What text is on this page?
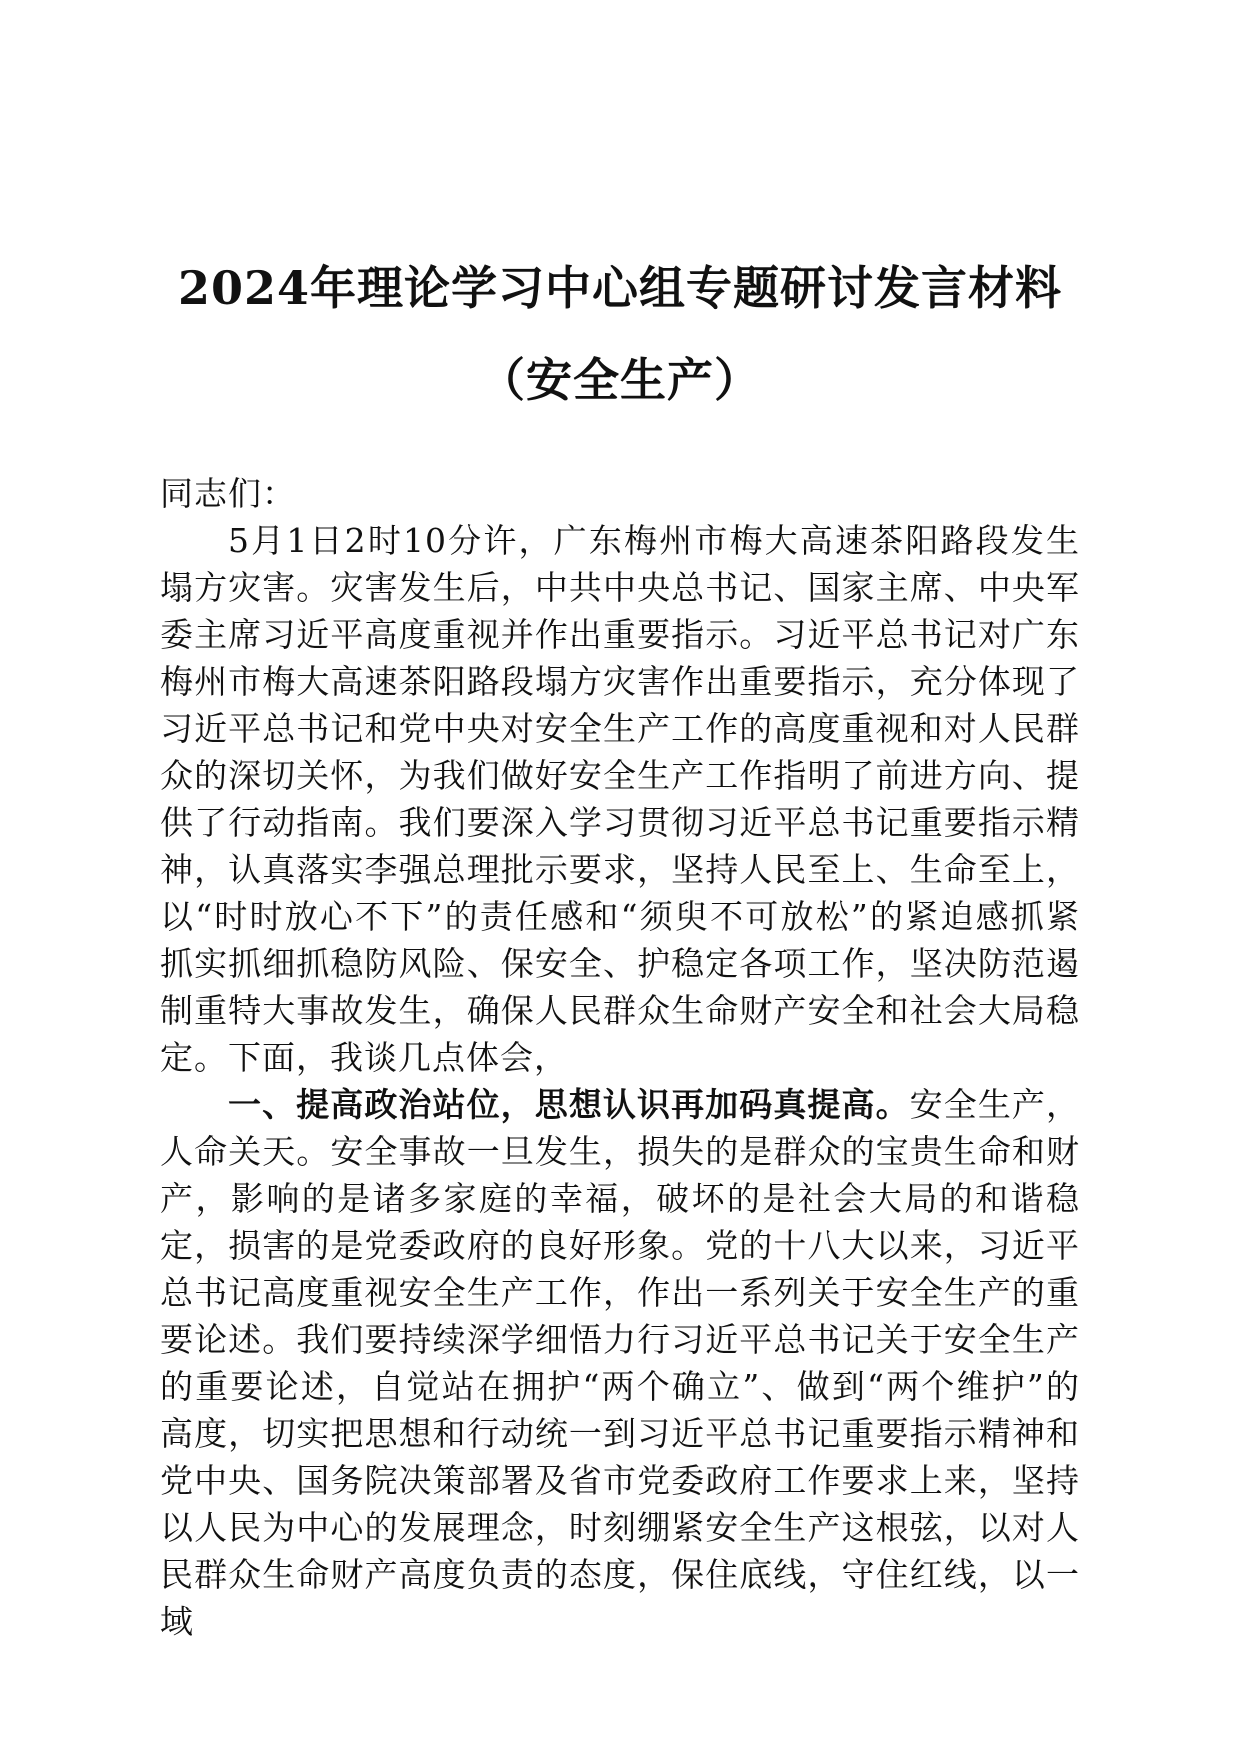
2024年理论学习中心组专题研讨发言材料
（安全生产）

同志们：

5月1日2时10分许，广东梅州市梅大高速茶阳路段发生塌方灾害。灾害发生后，中共中央总书记、国家主席、中央军委主席习近平高度重视并作出重要指示。习近平总书记对广东梅州市梅大高速茶阳路段塌方灾害作出重要指示，充分体现了习近平总书记和党中央对安全生产工作的高度重视和对人民群众的深切关怀，为我们做好安全生产工作指明了前进方向、提供了行动指南。我们要深入学习贯彻习近平总书记重要指示精神，认真落实李强总理批示要求，坚持人民至上、生命至上，以“时时放心不下”的责任感和“须臾不可放松”的紧迫感抓紧抓实抓细抓稳防风险、保安全、护稳定各项工作，坚决防范遏制重特大事故发生，确保人民群众生命财产安全和社会大局稳定。下面，我谈几点体会，

一、提高政治站位，思想认识再加码真提高。安全生产，人命关天。安全事故一旦发生，损失的是群众的宝贵生命和财产，影响的是诸多家庭的幸福，破坏的是社会大局的和谐稳定，损害的是党委政府的良好形象。党的十八大以来，习近平总书记高度重视安全生产工作，作出一系列关于安全生产的重要论述。我们要持续深学细悟力行习近平总书记关于安全生产的重要论述，自觉站在拥护“两个确立”、做到“两个维护”的高度，切实把思想和行动统一到习近平总书记重要指示精神和党中央、国务院决策部署及省市党委政府工作要求上来，坚持以人民为中心的发展理念，时刻绷紧安全生产这根弦，以对人民群众生命财产高度负责的态度，保住底线，守住红线，以一域
